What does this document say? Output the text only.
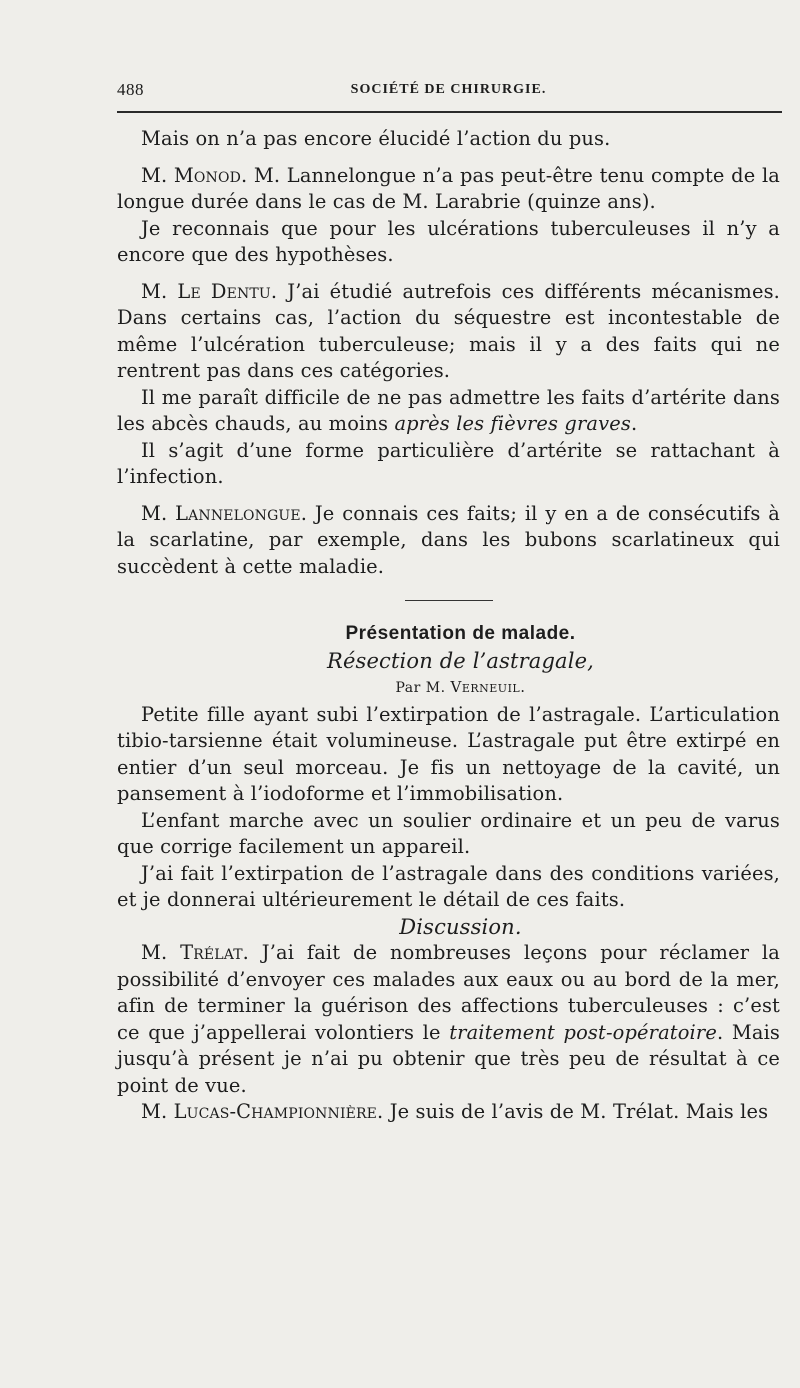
488	SOCIÉTÉ DE CHIRURGIE.

Mais on n’a pas encore élucidé l’action du pus.

M. Monod. M. Lannelongue n’a pas peut-être tenu compte de la longue durée dans le cas de M. Larabrie (quinze ans).

Je reconnais que pour les ulcérations tuberculeuses il n’y a encore que des hypothèses.

M. Le Dentu. J’ai étudié autrefois ces différents mécanismes. Dans certains cas, l’action du séquestre est incontestable de même l’ulcération tuberculeuse; mais il y a des faits qui ne rentrent pas dans ces catégories.

Il me paraît difficile de ne pas admettre les faits d’artérite dans les abcès chauds, au moins après les fièvres graves.

Il s’agit d’une forme particulière d’artérite se rattachant à l’infection.

M. Lannelongue. Je connais ces faits; il y en a de consécutifs à la scarlatine, par exemple, dans les bubons scarlatineux qui succèdent à cette maladie.

Présentation de malade.

Résection de l’astragale,

Par M. Verneuil.

Petite fille ayant subi l’extirpation de l’astragale. L’articulation tibio-tarsienne était volumineuse. L’astragale put être extirpé en entier d’un seul morceau. Je fis un nettoyage de la cavité, un pansement à l’iodoforme et l’immobilisation.

L’enfant marche avec un soulier ordinaire et un peu de varus que corrige facilement un appareil.

J’ai fait l’extirpation de l’astragale dans des conditions variées, et je donnerai ultérieurement le détail de ces faits.

Discussion.

M. Trélat. J’ai fait de nombreuses leçons pour réclamer la possibilité d’envoyer ces malades aux eaux ou au bord de la mer, afin de terminer la guérison des affections tuberculeuses : c’est ce que j’appellerai volontiers le traitement post-opératoire. Mais jusqu’à présent je n’ai pu obtenir que très peu de résultat à ce point de vue.

M. Lucas-Championnière. Je suis de l’avis de M. Trélat. Mais les
